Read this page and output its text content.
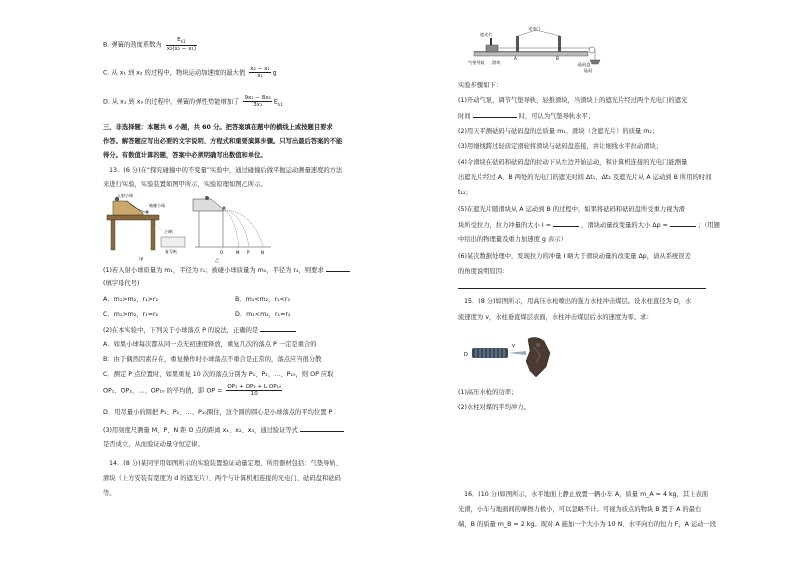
B. 弹簧的劲度系数为 $\frac{E_{k1}}{\text{x₂(x₂ − x₁)}}$
C. 从 x₁ 到 x₂ 的过程中，物块运动加速度的最大值 $\frac{\text{x₂ − x₁}}{\text{x₁}}$ g
D. 从 x₁ 到 x₃ 的过程中，弹簧的弹性势能增加了 $\frac{\text{9x₁ − 8x₂}}{\text{3x₁}} E_{k1}$
三、非选择题：本题共 6 小题，共 60 分。把答案填在题中的横线上或按题目要求
作答。解答题应写出必要的文字说明、方程式和重要演算步骤。只写出最后答案的不能
得分。有数值计算的题，答案中必须明确写出数值和单位。
13．(6 分)在“探究碰撞中的不变量”实验中，通过碰撞后做平抛运动测量速度的方法
来进行实验，实验装置如图甲所示，实验原理如图乙所示。
入射小球
被碰小球
白纸
复写纸
甲
O	M P	N
乙
(1)若入射小球质量为 m₁，半径为 r₁；被碰小球质量为 m₂，半径为 r₂，则要求
(填字母代号)
A．m₁>m₂，r₁>r₂	B．m₁<m₂，r₁<r₂
C．m₁>m₂，r₁=r₂	D．m₁<m₂，r₁=r₂
(2)在本实验中，下列关于小球落点 P 的说法，正确的是
A．如果小球每次都从同一点无初速度释放，重复几次的落点 P 一定是重合的
B．由于偶然因素存在，重复操作时小球落点不重合是正常的，落点应当很分散
C．测定 P 点位置时，如果重复 10 次的落点分别为 P₁、P₂、…、P₁₀，则 OP 应取
OP₁、OP₂、…、OP₁₀ 的平均值，即 OP = $\frac{\text{OP₁ + OP₂ + L OP₁₀}}{10}$
D．用尽量小的圆把 P₁、P₂、…、P₁₀圈住，这个圆的圆心是小球落点的平均位置 P
(3)用刻度尺测量 M、P、N 距 O 点的距离 x₁、x₂、x₃，通过验证等式
是否成立，从而验证动量守恒定律。
14．(8 分)某同学用如图所示的实验装置验证动量定理，所用器材包括：气垫导轨、
滑块（上方安装有宽度为 d 的遮光片）、两个与计算机相连接的光电门、砝码盘和砝码
等。
遮光片
光电门
气垫导轨 滑块
A	B
砝码盘
砝码
实验步骤如下：
(1)开动气泵，调节气垫导轨，轻推滑块，当滑块上的遮光片经过两个光电门的遮光
时间	时，可认为气垫导轨水平；
(2)用天平测砝码与砝码盘的总质量 m₁、滑块（含遮光片）的质量 m₂；
(3)用细线跨过轻质定滑轮将滑块与砝码盘连接，并让细线水平拉动滑块；
(4)令滑块在砝码和砝码盘的拉动下从左边开始运动，和计算机连接的光电门能测量
出遮光片经过 A、B 两处的光电门的遮光时间 Δt₁、Δt₂ 及遮光片从 A 运动到 B 所用的时间
t₁₂；
(5)在遮光片随滑块从 A 运动到 B 的过程中，如果将砝码和砝码盘所受重力视为滑
块所受拉力，拉力冲量的大小 I =	，滑块动量改变量的大小 Δp =	；（用题
中给出的物理量及重力加速度 g 表示）
(6)某次数据处理中，发现拉力的冲量 I 略大于滑块动量的改变量 Δp，请从系统误差
的角度说明原因：
15．(8 分)如图所示，用高压水枪喷出的强力水柱冲击煤层。设水柱直径为 D，水
流速度为 v，水柱垂直煤层表面，水柱冲击煤层后水的速度为零。求：
D
v
(1)高压水枪的功率；
(2)水柱对煤的平均冲力。
16．(10 分)如图所示，水平地面上静止放置一辆小车 A，质量 m_A = 4 kg，其上表面
光滑，小车与地面间的摩擦力极小，可以忽略不计。可视为质点的物块 B 置于 A 的最右
端，B 的质量 m_B = 2 kg。现对 A 施加一个大小为 10 N、水平向右的恒力 F，A 运动一段
